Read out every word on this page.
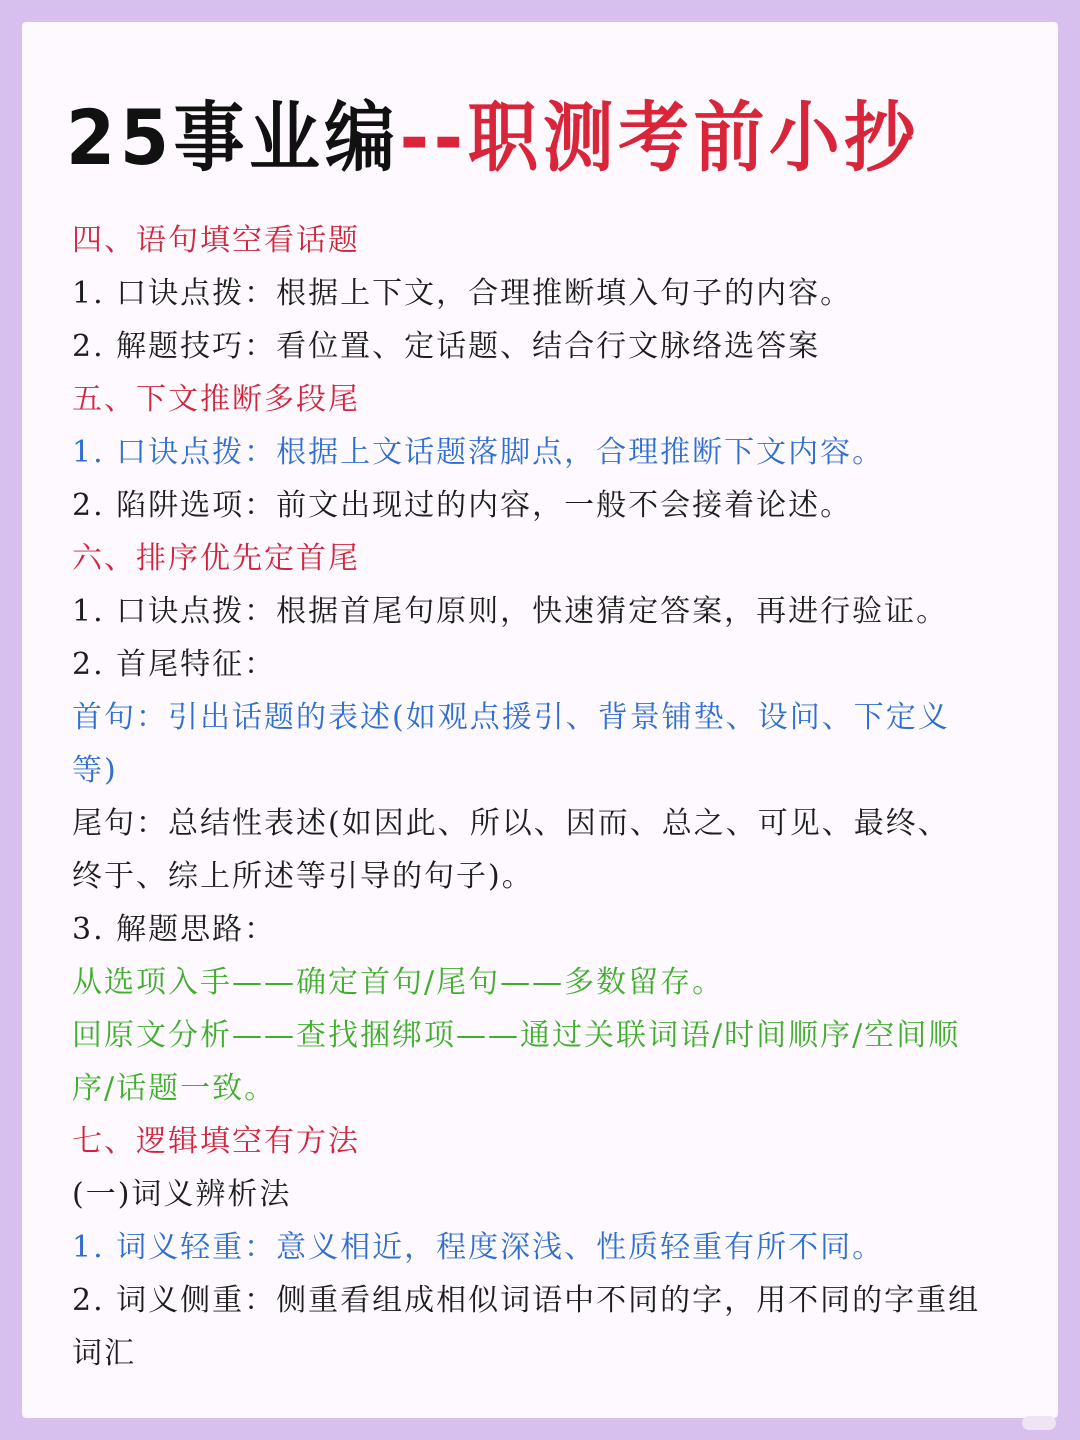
25事业编--职测考前小抄
四、语句填空看话题
1. 口诀点拨：根据上下文，合理推断填入句子的内容。
2. 解题技巧：看位置、定话题、结合行文脉络选答案
五、下文推断多段尾
1. 口诀点拨：根据上文话题落脚点，合理推断下文内容。
2. 陷阱选项：前文出现过的内容，一般不会接着论述。
六、排序优先定首尾
1. 口诀点拨：根据首尾句原则，快速猜定答案，再进行验证。
2. 首尾特征：
首句：引出话题的表述(如观点援引、背景铺垫、设问、下定义
等)
尾句：总结性表述(如因此、所以、因而、总之、可见、最终、
终于、综上所述等引导的句子)。
3. 解题思路：
从选项入手——确定首句/尾句——多数留存。
回原文分析——查找捆绑项——通过关联词语/时间顺序/空间顺
序/话题一致。
七、逻辑填空有方法
(一)词义辨析法
1. 词义轻重：意义相近，程度深浅、性质轻重有所不同。
2. 词义侧重：侧重看组成相似词语中不同的字，用不同的字重组
词汇
